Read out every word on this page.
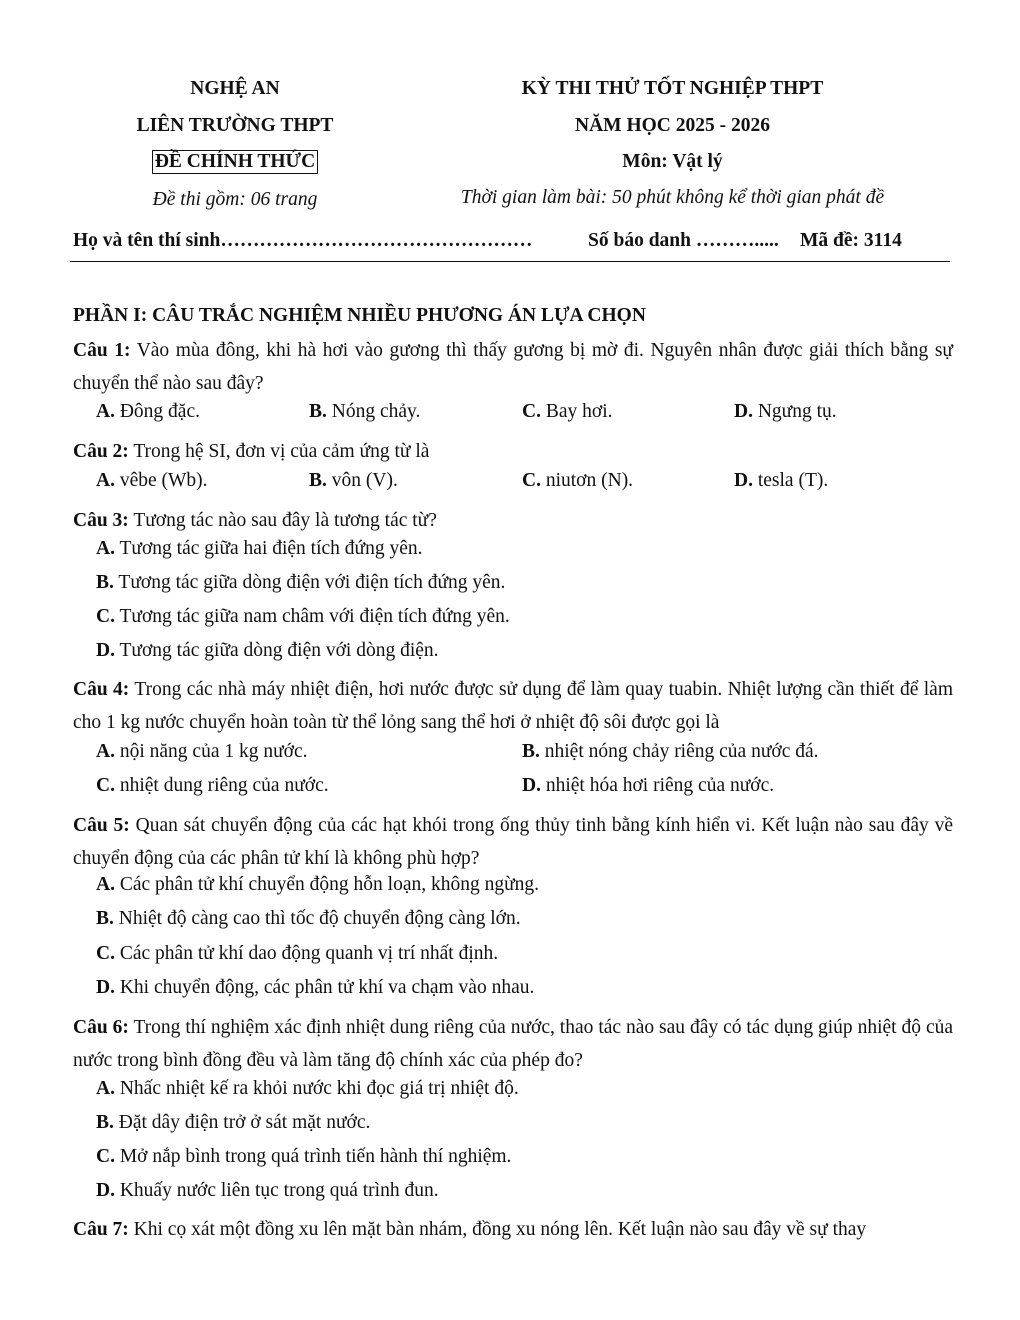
NGHỆ AN
LIÊN TRƯỜNG THPT
ĐỀ CHÍNH THỨC
Đề thi gồm: 06 trang
KỲ THI THỬ TỐT NGHIỆP THPT
NĂM HỌC 2025 - 2026
Môn: Vật lý
Thời gian làm bài: 50 phút không kể thời gian phát đề
Họ và tên thí sinh…………………………………………	Số báo danh ………..... Mã đề: 3114
PHẦN I: CÂU TRẮC NGHIỆM NHIỀU PHƯƠNG ÁN LỰA CHỌN
Câu 1: Vào mùa đông, khi hà hơi vào gương thì thấy gương bị mờ đi. Nguyên nhân được giải thích bằng sự chuyển thể nào sau đây?
A. Đông đặc.	B. Nóng chảy.	C. Bay hơi.	D. Ngưng tụ.
Câu 2: Trong hệ SI, đơn vị của cảm ứng từ là
A. vêbe (Wb).	B. vôn (V).	C. niutơn (N).	D. tesla (T).
Câu 3: Tương tác nào sau đây là tương tác từ?
A. Tương tác giữa hai điện tích đứng yên.
B. Tương tác giữa dòng điện với điện tích đứng yên.
C. Tương tác giữa nam châm với điện tích đứng yên.
D. Tương tác giữa dòng điện với dòng điện.
Câu 4: Trong các nhà máy nhiệt điện, hơi nước được sử dụng để làm quay tuabin. Nhiệt lượng cần thiết để làm cho 1 kg nước chuyển hoàn toàn từ thể lỏng sang thể hơi ở nhiệt độ sôi được gọi là
A. nội năng của 1 kg nước.	B. nhiệt nóng chảy riêng của nước đá.
C. nhiệt dung riêng của nước.	D. nhiệt hóa hơi riêng của nước.
Câu 5: Quan sát chuyển động của các hạt khói trong ống thủy tinh bằng kính hiển vi. Kết luận nào sau đây về chuyển động của các phân tử khí là không phù hợp?
A. Các phân tử khí chuyển động hỗn loạn, không ngừng.
B. Nhiệt độ càng cao thì tốc độ chuyển động càng lớn.
C. Các phân tử khí dao động quanh vị trí nhất định.
D. Khi chuyển động, các phân tử khí va chạm vào nhau.
Câu 6: Trong thí nghiệm xác định nhiệt dung riêng của nước, thao tác nào sau đây có tác dụng giúp nhiệt độ của nước trong bình đồng đều và làm tăng độ chính xác của phép đo?
A. Nhấc nhiệt kế ra khỏi nước khi đọc giá trị nhiệt độ.
B. Đặt dây điện trở ở sát mặt nước.
C. Mở nắp bình trong quá trình tiến hành thí nghiệm.
D. Khuấy nước liên tục trong quá trình đun.
Câu 7: Khi cọ xát một đồng xu lên mặt bàn nhám, đồng xu nóng lên. Kết luận nào sau đây về sự thay
